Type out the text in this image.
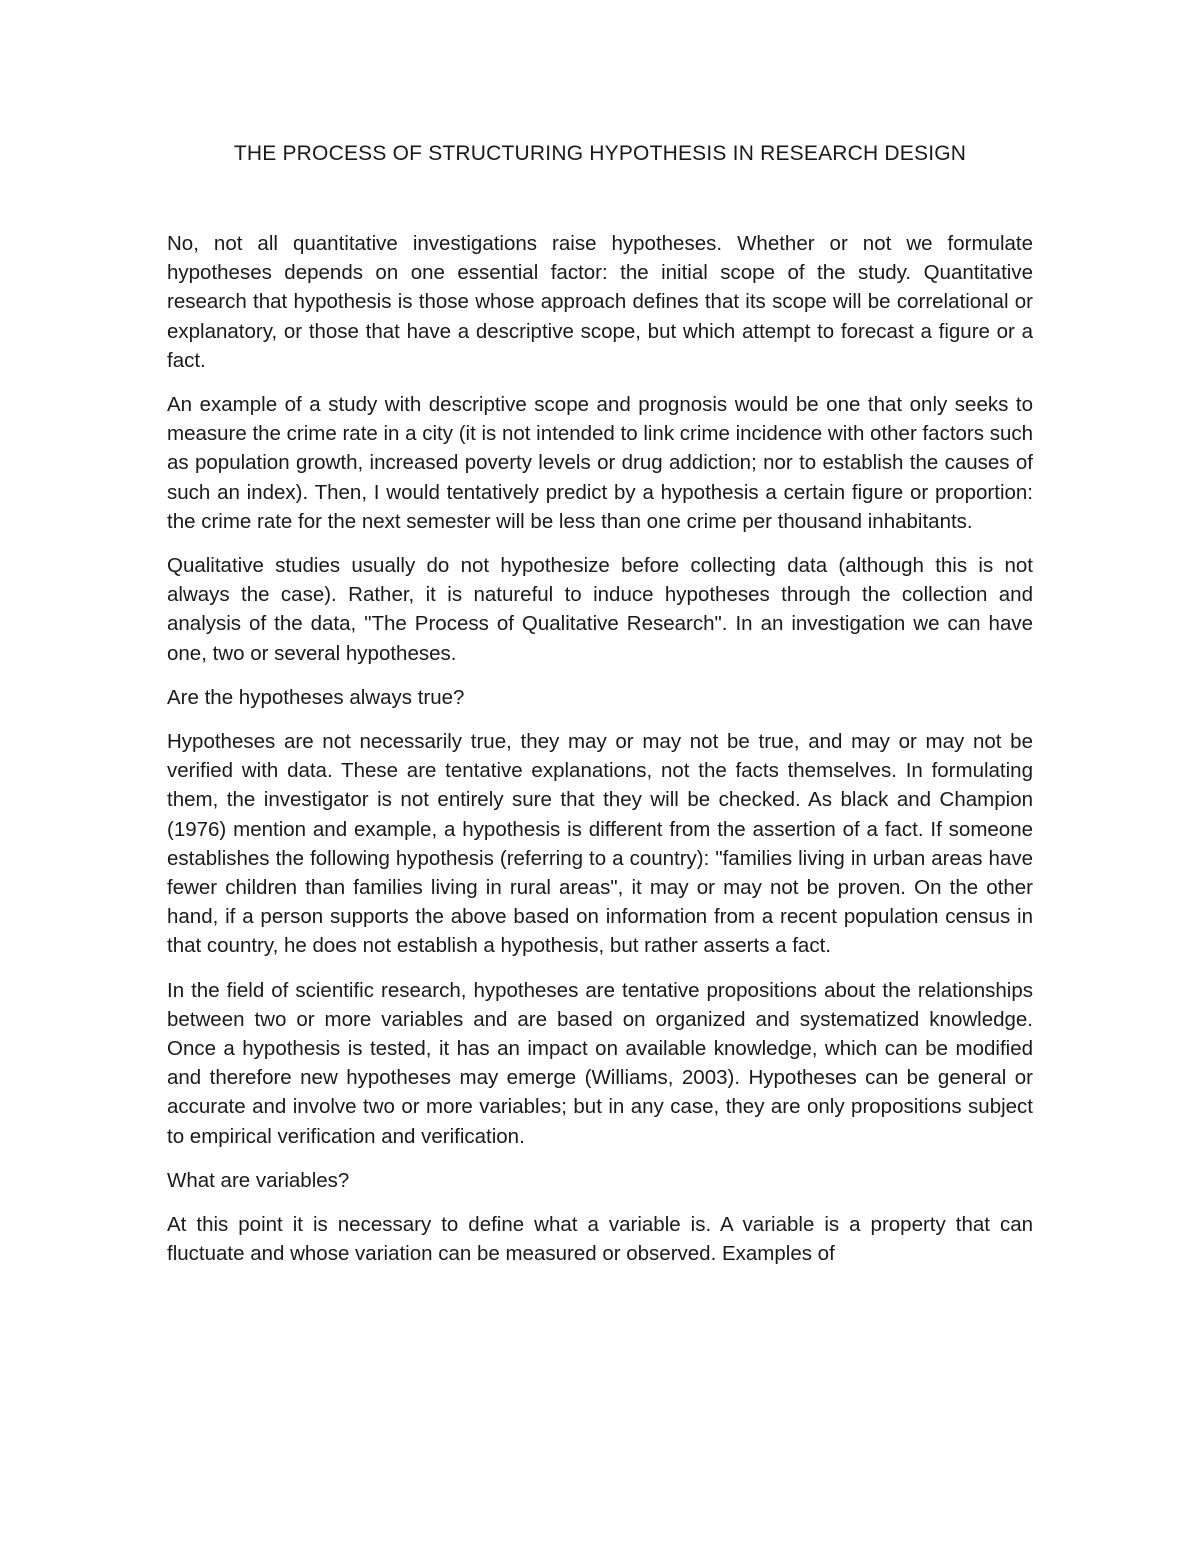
THE PROCESS OF STRUCTURING HYPOTHESIS IN RESEARCH DESIGN

No, not all quantitative investigations raise hypotheses. Whether or not we formulate hypotheses depends on one essential factor: the initial scope of the study. Quantitative research that hypothesis is those whose approach defines that its scope will be correlational or explanatory, or those that have a descriptive scope, but which attempt to forecast a figure or a fact.

An example of a study with descriptive scope and prognosis would be one that only seeks to measure the crime rate in a city (it is not intended to link crime incidence with other factors such as population growth, increased poverty levels or drug addiction; nor to establish the causes of such an index). Then, I would tentatively predict by a hypothesis a certain figure or proportion: the crime rate for the next semester will be less than one crime per thousand inhabitants.

Qualitative studies usually do not hypothesize before collecting data (although this is not always the case). Rather, it is natureful to induce hypotheses through the collection and analysis of the data, "The Process of Qualitative Research". In an investigation we can have one, two or several hypotheses.

Are the hypotheses always true?

Hypotheses are not necessarily true, they may or may not be true, and may or may not be verified with data. These are tentative explanations, not the facts themselves. In formulating them, the investigator is not entirely sure that they will be checked. As black and Champion (1976) mention and example, a hypothesis is different from the assertion of a fact. If someone establishes the following hypothesis (referring to a country): "families living in urban areas have fewer children than families living in rural areas", it may or may not be proven. On the other hand, if a person supports the above based on information from a recent population census in that country, he does not establish a hypothesis, but rather asserts a fact.

In the field of scientific research, hypotheses are tentative propositions about the relationships between two or more variables and are based on organized and systematized knowledge. Once a hypothesis is tested, it has an impact on available knowledge, which can be modified and therefore new hypotheses may emerge (Williams, 2003). Hypotheses can be general or accurate and involve two or more variables; but in any case, they are only propositions subject to empirical verification and verification.

What are variables?

At this point it is necessary to define what a variable is. A variable is a property that can fluctuate and whose variation can be measured or observed. Examples of
